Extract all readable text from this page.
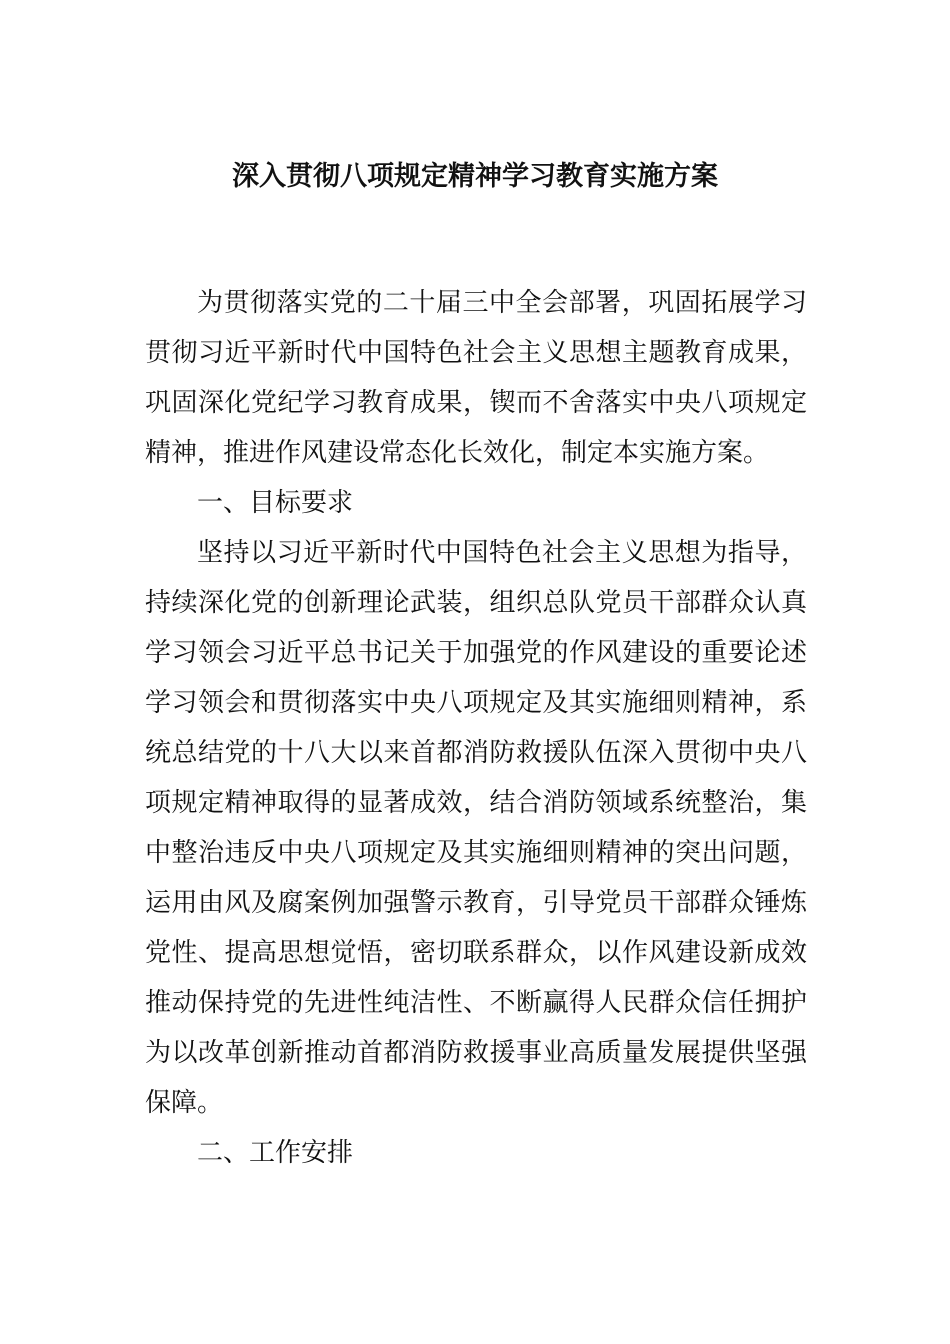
深入贯彻八项规定精神学习教育实施方案

为贯彻落实党的二十届三中全会部署，巩固拓展学习贯彻习近平新时代中国特色社会主义思想主题教育成果，巩固深化党纪学习教育成果，锲而不舍落实中央八项规定精神，推进作风建设常态化长效化，制定本实施方案。

一、目标要求

坚持以习近平新时代中国特色社会主义思想为指导，持续深化党的创新理论武装，组织总队党员干部群众认真学习领会习近平总书记关于加强党的作风建设的重要论述学习领会和贯彻落实中央八项规定及其实施细则精神，系统总结党的十八大以来首都消防救援队伍深入贯彻中央八项规定精神取得的显著成效，结合消防领域系统整治，集中整治违反中央八项规定及其实施细则精神的突出问题，运用由风及腐案例加强警示教育，引导党员干部群众锤炼党性、提高思想觉悟，密切联系群众，以作风建设新成效推动保持党的先进性纯洁性、不断赢得人民群众信任拥护为以改革创新推动首都消防救援事业高质量发展提供坚强保障。

二、工作安排
